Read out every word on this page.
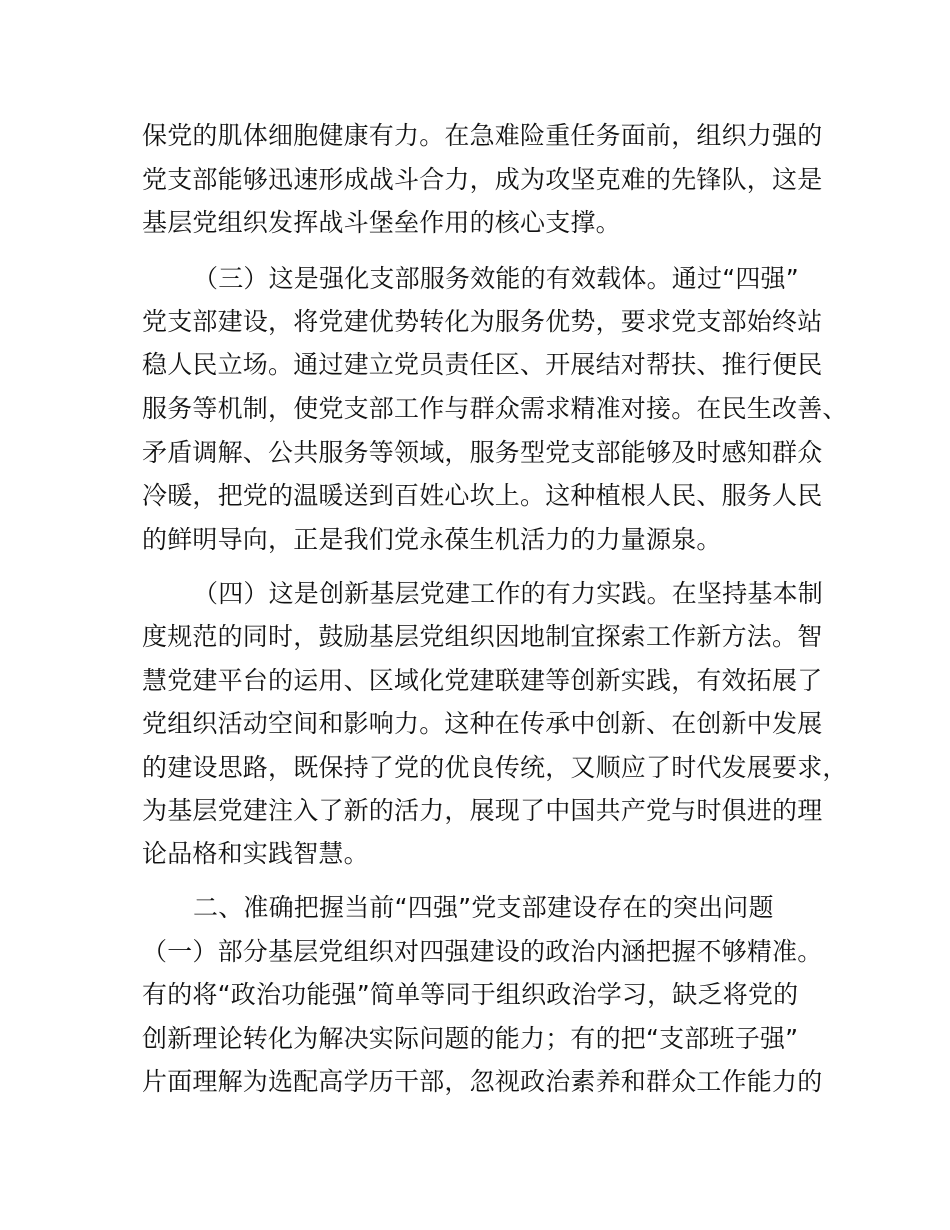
保党的肌体细胞健康有力。在急难险重任务面前，组织力强的
党支部能够迅速形成战斗合力，成为攻坚克难的先锋队，这是
基层党组织发挥战斗堡垒作用的核心支撑。
（三）这是强化支部服务效能的有效载体。通过“四强”
党支部建设，将党建优势转化为服务优势，要求党支部始终站
稳人民立场。通过建立党员责任区、开展结对帮扶、推行便民
服务等机制，使党支部工作与群众需求精准对接。在民生改善、
矛盾调解、公共服务等领域，服务型党支部能够及时感知群众
冷暖，把党的温暖送到百姓心坎上。这种植根人民、服务人民
的鲜明导向，正是我们党永葆生机活力的力量源泉。
（四）这是创新基层党建工作的有力实践。在坚持基本制
度规范的同时，鼓励基层党组织因地制宜探索工作新方法。智
慧党建平台的运用、区域化党建联建等创新实践，有效拓展了
党组织活动空间和影响力。这种在传承中创新、在创新中发展
的建设思路，既保持了党的优良传统，又顺应了时代发展要求，
为基层党建注入了新的活力，展现了中国共产党与时俱进的理
论品格和实践智慧。
二、准确把握当前“四强”党支部建设存在的突出问题
（一）部分基层党组织对四强建设的政治内涵把握不够精准。
有的将“政治功能强”简单等同于组织政治学习，缺乏将党的
创新理论转化为解决实际问题的能力；有的把“支部班子强”
片面理解为选配高学历干部，忽视政治素养和群众工作能力的
